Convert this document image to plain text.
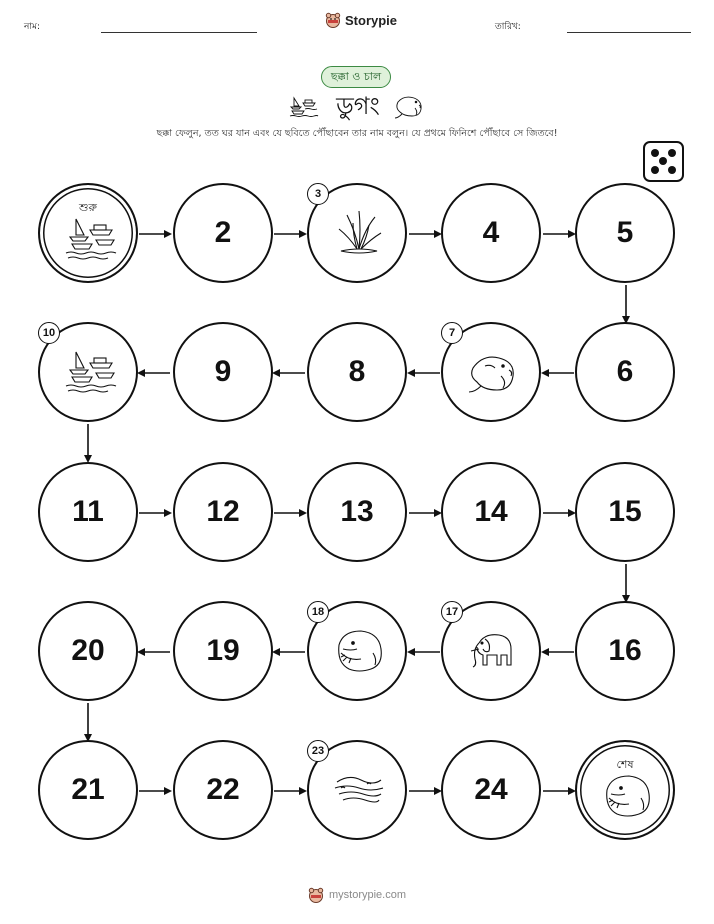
নাম:	Storypie	তারিখ:
ছক্কা ও চাল
ডুগং
ছক্কা ফেলুন, তত ঘর যান এবং যে ছবিতে পৌঁছাবেন তার নাম বলুন। যে প্রথমে ফিনিশে পৌঁছাবে সে জিতবে!
শুরু
2
3
4	5
6
7
8
9
10
11	12	13	14	15
16
17
18
19
20
21	22
23
24
শেষ
mystorypie.com
